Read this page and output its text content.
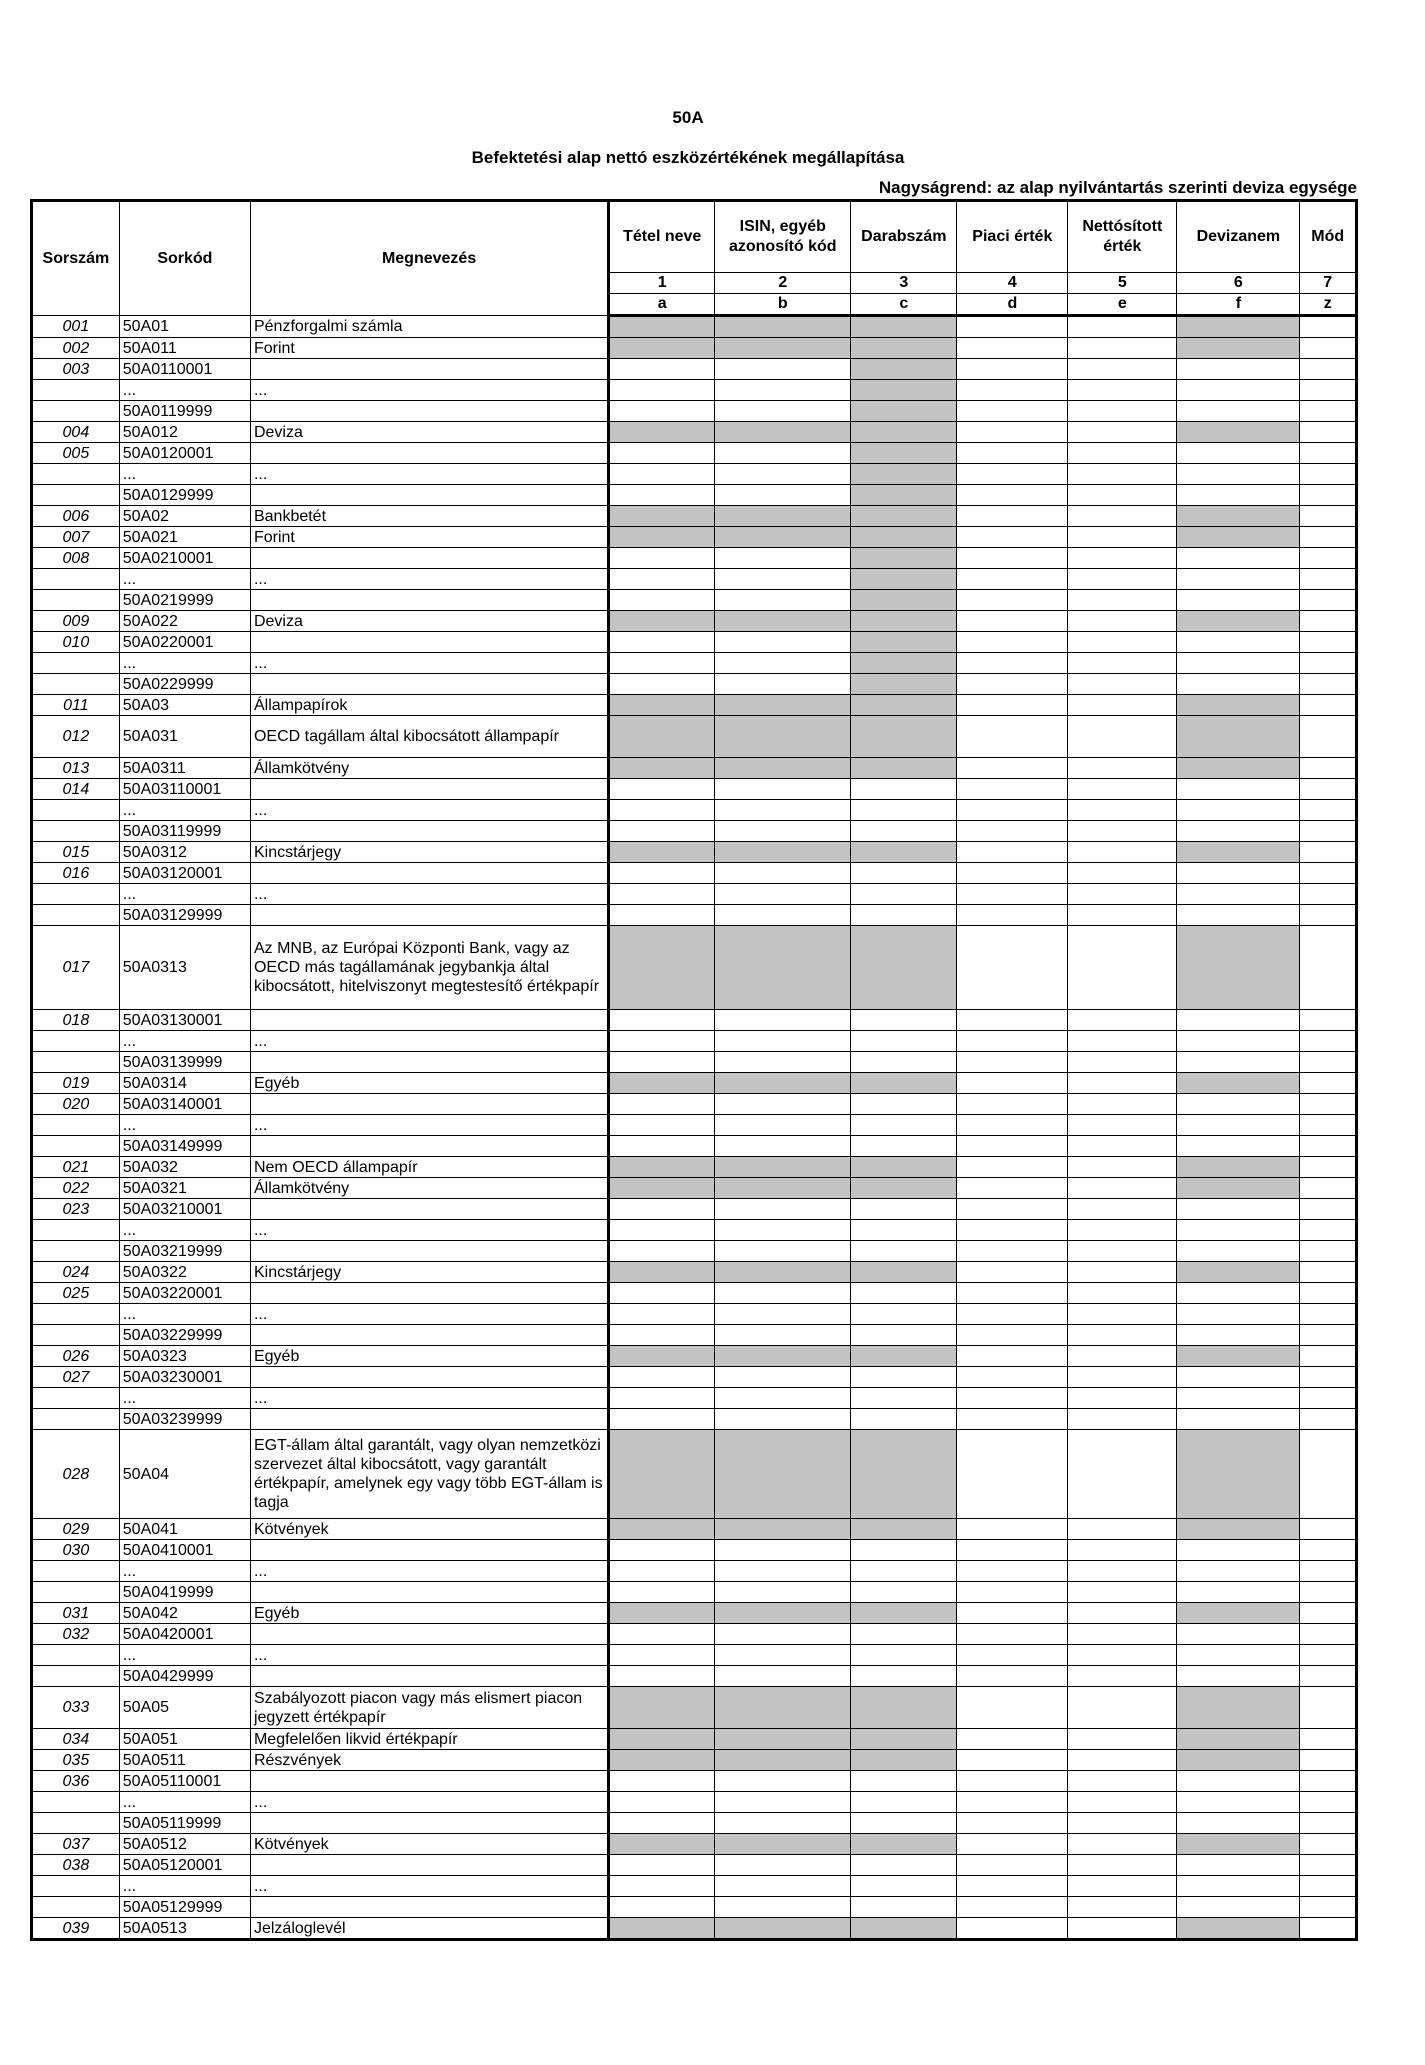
50A
Befektetési alap nettó eszközértékének megállapítása
Nagyságrend: az alap nyilvántartás szerinti deviza egysége
Sorszám	Sorkód	Megnevezés	Tétel neve	ISIN, egyéb azonosító kód	Darabszám	Piaci érték	Nettósított érték	Devizanem	Mód
			1	2	3	4	5	6	7
			a	b	c	d	e	f	z
001	50A01	Pénzforgalmi számla							
002	50A011	Forint							
003	50A0110001								
	...	...							
	50A0119999								
004	50A012	Deviza							
005	50A0120001								
	...	...							
	50A0129999								
006	50A02	Bankbetét							
007	50A021	Forint							
008	50A0210001								
	...	...							
	50A0219999								
009	50A022	Deviza							
010	50A0220001								
	...	...							
	50A0229999								
011	50A03	Állampapírok							
012	50A031	OECD tagállam által kibocsátott állampapír							
013	50A0311	Államkötvény							
014	50A03110001								
	...	...							
	50A03119999								
015	50A0312	Kincstárjegy							
016	50A03120001								
	...	...							
	50A03129999								
017	50A0313	Az MNB, az Európai Központi Bank, vagy az OECD más tagállamának jegybankja által kibocsátott, hitelviszonyt megtestesítő értékpapír							
018	50A03130001								
	...	...							
	50A03139999								
019	50A0314	Egyéb							
020	50A03140001								
	...	...							
	50A03149999								
021	50A032	Nem OECD állampapír							
022	50A0321	Államkötvény							
023	50A03210001								
	...	...							
	50A03219999								
024	50A0322	Kincstárjegy							
025	50A03220001								
	...	...							
	50A03229999								
026	50A0323	Egyéb							
027	50A03230001								
	...	...							
	50A03239999								
028	50A04	EGT-állam által garantált, vagy olyan nemzetközi szervezet által kibocsátott, vagy garantált értékpapír, amelynek egy vagy több EGT-állam is tagja							
029	50A041	Kötvények							
030	50A0410001								
	...	...							
	50A0419999								
031	50A042	Egyéb							
032	50A0420001								
	...	...							
	50A0429999								
033	50A05	Szabályozott piacon vagy más elismert piacon jegyzett értékpapír							
034	50A051	Megfelelően likvid értékpapír							
035	50A0511	Részvények							
036	50A05110001								
	...	...							
	50A05119999								
037	50A0512	Kötvények							
038	50A05120001								
	...	...							
	50A05129999								
039	50A0513	Jelzáloglevél							
